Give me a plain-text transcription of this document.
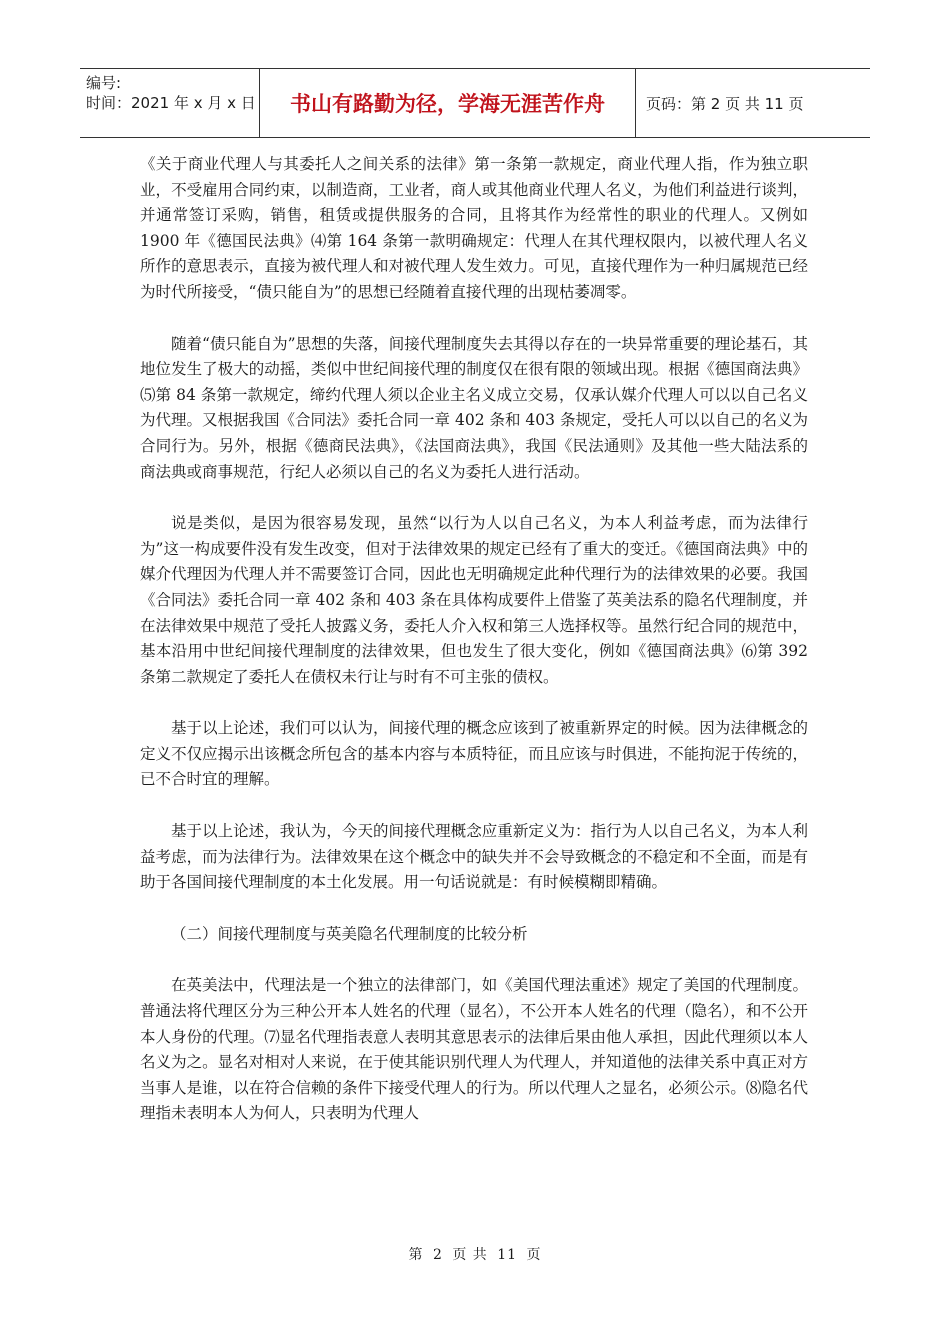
编号:
时间：2021 年 x 月 x 日	书山有路勤为径，学海无涯苦作舟	页码：第 2 页 共 11 页

《关于商业代理人与其委托人之间关系的法律》第一条第一款规定，商业代理人指，作为独立职业，不受雇用合同约束，以制造商，工业者，商人或其他商业代理人名义，为他们利益进行谈判，并通常签订采购，销售，租赁或提供服务的合同，且将其作为经常性的职业的代理人。又例如 1900 年《德国民法典》⑷第 164 条第一款明确规定：代理人在其代理权限内，以被代理人名义所作的意思表示，直接为被代理人和对被代理人发生效力。可见，直接代理作为一种归属规范已经为时代所接受，“债只能自为”的思想已经随着直接代理的出现枯萎凋零。

随着“债只能自为”思想的失落，间接代理制度失去其得以存在的一块异常重要的理论基石，其地位发生了极大的动摇，类似中世纪间接代理的制度仅在很有限的领域出现。根据《德国商法典》⑸第 84 条第一款规定，缔约代理人须以企业主名义成立交易，仅承认媒介代理人可以以自己名义为代理。又根据我国《合同法》委托合同一章 402 条和 403 条规定，受托人可以以自己的名义为合同行为。另外，根据《德商民法典》，《法国商法典》，我国《民法通则》及其他一些大陆法系的商法典或商事规范，行纪人必须以自己的名义为委托人进行活动。

说是类似，是因为很容易发现，虽然“以行为人以自己名义，为本人利益考虑，而为法律行为”这一构成要件没有发生改变，但对于法律效果的规定已经有了重大的变迁。《德国商法典》中的媒介代理因为代理人并不需要签订合同，因此也无明确规定此种代理行为的法律效果的必要。我国《合同法》委托合同一章 402 条和 403 条在具体构成要件上借鉴了英美法系的隐名代理制度，并在法律效果中规范了受托人披露义务，委托人介入权和第三人选择权等。虽然行纪合同的规范中，基本沿用中世纪间接代理制度的法律效果，但也发生了很大变化，例如《德国商法典》⑹第 392 条第二款规定了委托人在债权未行让与时有不可主张的债权。

基于以上论述，我们可以认为，间接代理的概念应该到了被重新界定的时候。因为法律概念的定义不仅应揭示出该概念所包含的基本内容与本质特征，而且应该与时俱进，不能拘泥于传统的，已不合时宜的理解。

基于以上论述，我认为，今天的间接代理概念应重新定义为：指行为人以自己名义，为本人利益考虑，而为法律行为。法律效果在这个概念中的缺失并不会导致概念的不稳定和不全面，而是有助于各国间接代理制度的本土化发展。用一句话说就是：有时候模糊即精确。

（二）间接代理制度与英美隐名代理制度的比较分析

在英美法中，代理法是一个独立的法律部门，如《美国代理法重述》规定了美国的代理制度。普通法将代理区分为三种公开本人姓名的代理（显名），不公开本人姓名的代理（隐名），和不公开本人身份的代理。⑺显名代理指表意人表明其意思表示的法律后果由他人承担，因此代理须以本人名义为之。显名对相对人来说，在于使其能识别代理人为代理人，并知道他的法律关系中真正对方当事人是谁，以在符合信赖的条件下接受代理人的行为。所以代理人之显名，必须公示。⑻隐名代理指未表明本人为何人，只表明为代理人

第 2 页 共 11 页
